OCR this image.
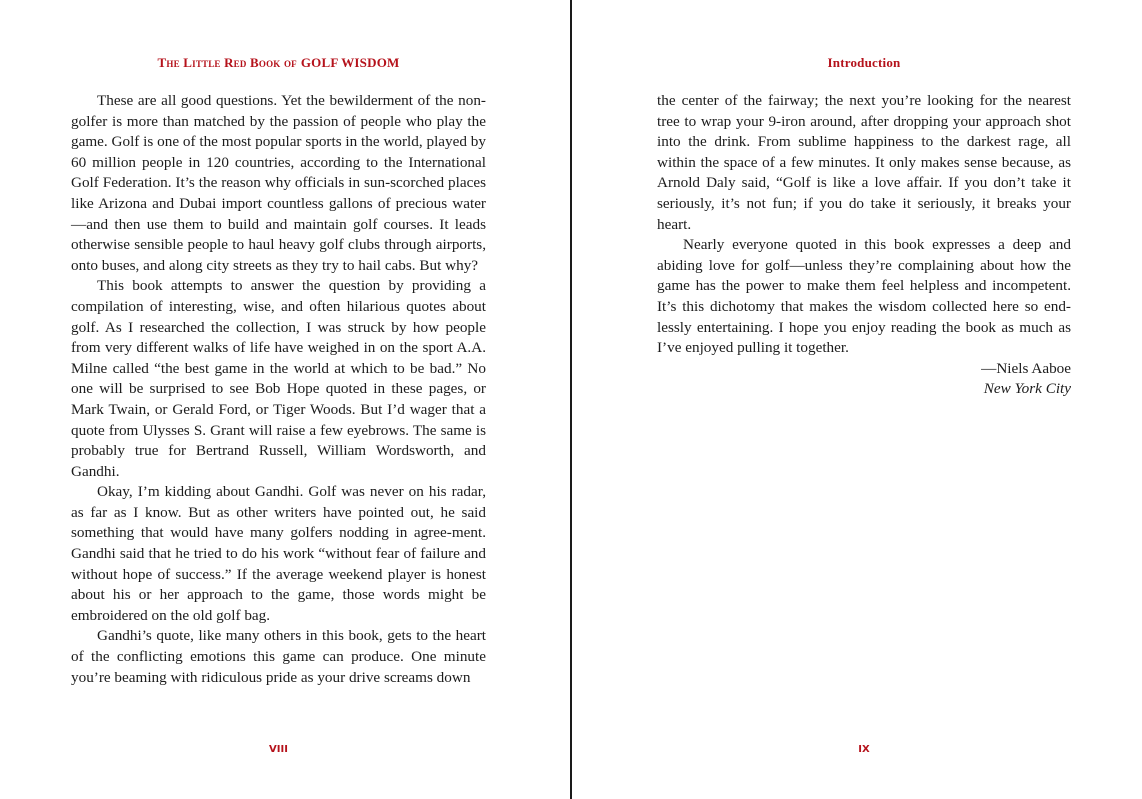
The Little Red Book of GOLF WISDOM

These are all good questions. Yet the bewilderment of the non-golfer is more than matched by the passion of people who play the game. Golf is one of the most popular sports in the world, played by 60 million people in 120 countries, according to the International Golf Federation. It’s the reason why officials in sun-scorched places like Arizona and Dubai import countless gallons of precious water—and then use them to build and maintain golf courses. It leads otherwise sensible people to haul heavy golf clubs through airports, onto buses, and along city streets as they try to hail cabs. But why?

This book attempts to answer the question by providing a compilation of interesting, wise, and often hilarious quotes about golf. As I researched the collection, I was struck by how people from very different walks of life have weighed in on the sport A.A. Milne called “the best game in the world at which to be bad.” No one will be surprised to see Bob Hope quoted in these pages, or Mark Twain, or Gerald Ford, or Tiger Woods. But I’d wager that a quote from Ulysses S. Grant will raise a few eyebrows. The same is probably true for Bertrand Russell, William Wordsworth, and Gandhi.

Okay, I’m kidding about Gandhi. Golf was never on his radar, as far as I know. But as other writers have pointed out, he said something that would have many golfers nodding in agree-ment. Gandhi said that he tried to do his work “without fear of failure and without hope of success.” If the average weekend player is honest about his or her approach to the game, those words might be embroidered on the old golf bag.

Gandhi’s quote, like many others in this book, gets to the heart of the conflicting emotions this game can produce. One minute you’re beaming with ridiculous pride as your drive screams down

VIII
Introduction

the center of the fairway; the next you’re looking for the nearest tree to wrap your 9-iron around, after dropping your approach shot into the drink. From sublime happiness to the darkest rage, all within the space of a few minutes. It only makes sense because, as Arnold Daly said, “Golf is like a love affair. If you don’t take it seriously, it’s not fun; if you do take it seriously, it breaks your heart.

Nearly everyone quoted in this book expresses a deep and abiding love for golf—unless they’re complaining about how the game has the power to make them feel helpless and incompetent. It’s this dichotomy that makes the wisdom collected here so end-lessly entertaining. I hope you enjoy reading the book as much as I’ve enjoyed pulling it together.

—Niels Aaboe

New York City

IX
